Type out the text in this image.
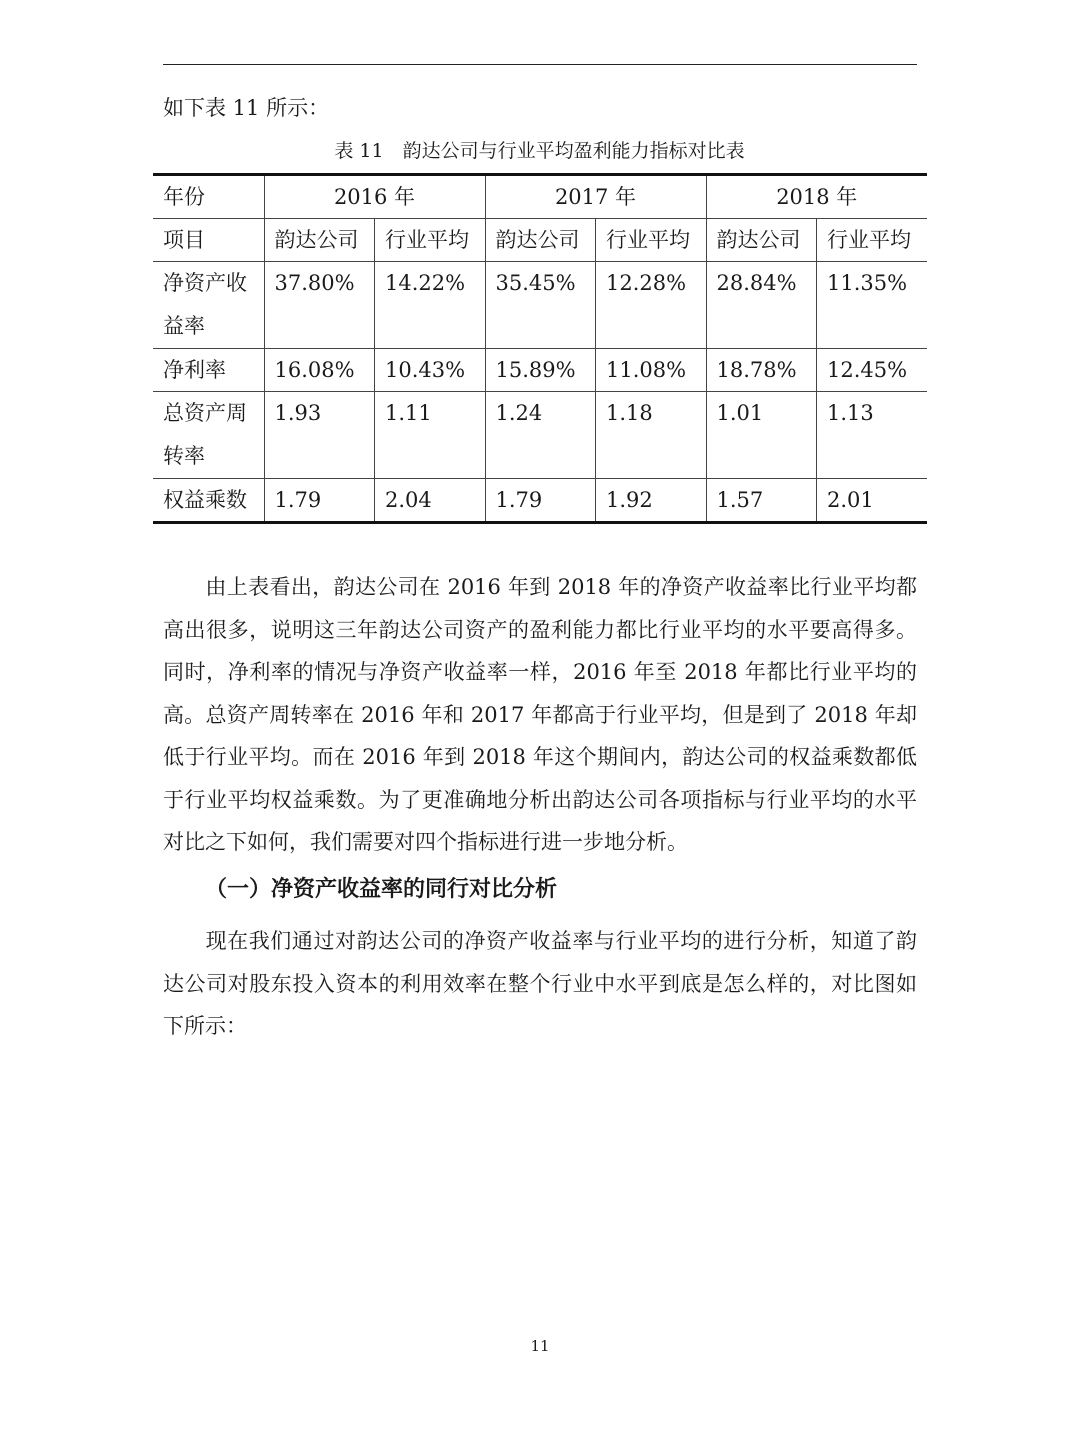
如下表 11 所示：
表 11　韵达公司与行业平均盈利能力指标对比表
年份	2016 年		2017 年		2018 年	
项目	韵达公司	行业平均	韵达公司	行业平均	韵达公司	行业平均
净资产收益率	37.80%	14.22%	35.45%	12.28%	28.84%	11.35%
净利率	16.08%	10.43%	15.89%	11.08%	18.78%	12.45%
总资产周转率	1.93	1.11	1.24	1.18	1.01	1.13
权益乘数	1.79	2.04	1.79	1.92	1.57	2.01

由上表看出，韵达公司在 2016 年到 2018 年的净资产收益率比行业平均都高出很多，说明这三年韵达公司资产的盈利能力都比行业平均的水平要高得多。同时，净利率的情况与净资产收益率一样，2016 年至 2018 年都比行业平均的高。总资产周转率在 2016 年和 2017 年都高于行业平均，但是到了 2018 年却低于行业平均。而在 2016 年到 2018 年这个期间内，韵达公司的权益乘数都低于行业平均权益乘数。为了更准确地分析出韵达公司各项指标与行业平均的水平对比之下如何，我们需要对四个指标进行进一步地分析。

（一）净资产收益率的同行对比分析

现在我们通过对韵达公司的净资产收益率与行业平均的进行分析，知道了韵达公司对股东投入资本的利用效率在整个行业中水平到底是怎么样的，对比图如下所示：

11
